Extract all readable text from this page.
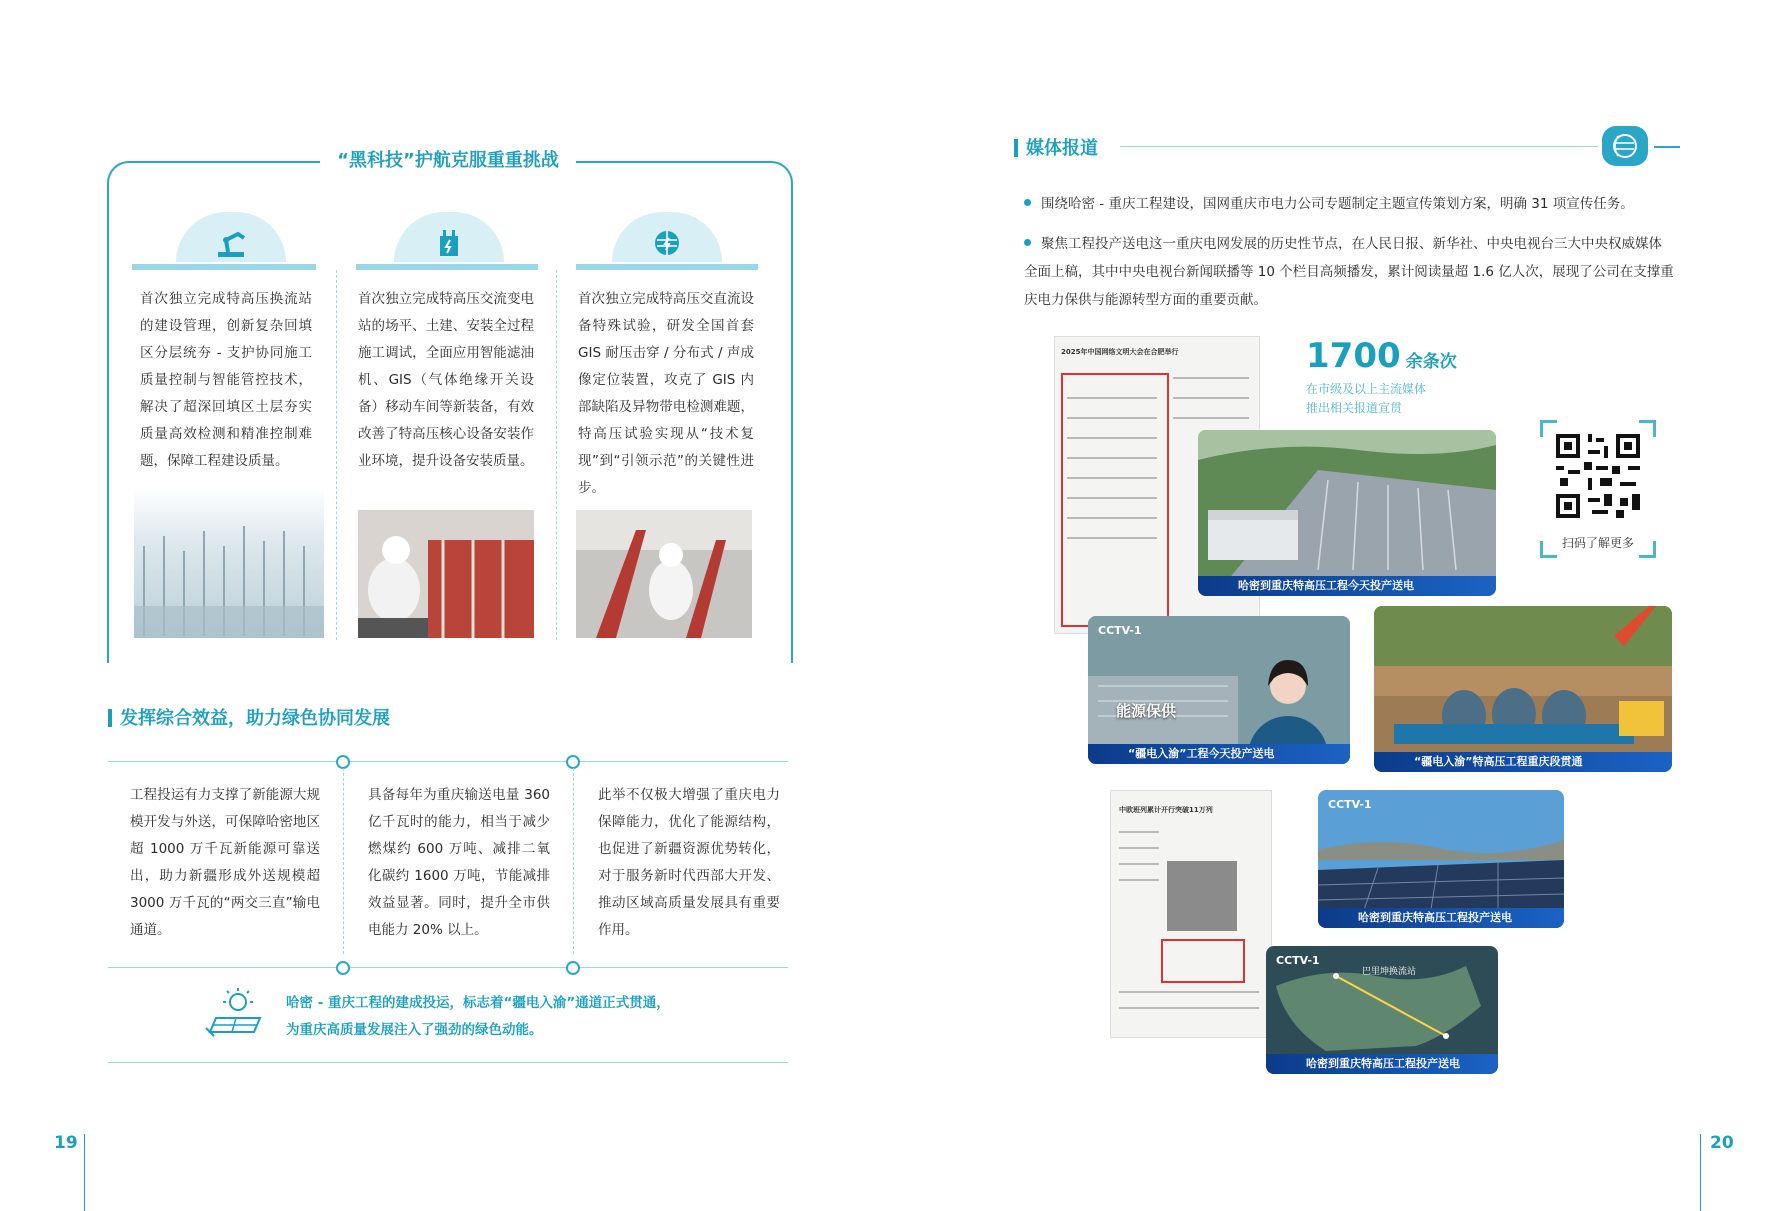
“黑科技”护航克服重重挑战
首次独立完成特高压换流站的建设管理，创新复杂回填区分层统夯 - 支护协同施工质量控制与智能管控技术，解决了超深回填区土层夯实质量高效检测和精准控制难题，保障工程建设质量。
首次独立完成特高压交流变电站的场平、土建、安装全过程施工调试，全面应用智能滤油机、GIS（气体绝缘开关设备）移动车间等新装备，有效改善了特高压核心设备安装作业环境，提升设备安装质量。
首次独立完成特高压交直流设备特殊试验，研发全国首套 GIS 耐压击穿 / 分布式 / 声成像定位装置，攻克了 GIS 内部缺陷及异物带电检测难题，特高压试验实现从“技术复现”到“引领示范”的关键性进步。
发挥综合效益，助力绿色协同发展
工程投运有力支撑了新能源大规模开发与外送，可保障哈密地区超 1000 万千瓦新能源可靠送出，助力新疆形成外送规模超 3000 万千瓦的“两交三直”输电通道。
具备每年为重庆输送电量 360 亿千瓦时的能力，相当于减少燃煤约 600 万吨、减排二氧化碳约 1600 万吨，节能减排效益显著。同时，提升全市供电能力 20% 以上。
此举不仅极大增强了重庆电力保障能力，优化了能源结构，也促进了新疆资源优势转化，对于服务新时代西部大开发、推动区域高质量发展具有重要作用。
哈密 - 重庆工程的建成投运，标志着“疆电入渝”通道正式贯通，
为重庆高质量发展注入了强劲的绿色动能。
19
媒体报道
围绕哈密 - 重庆工程建设，国网重庆市电力公司专题制定主题宣传策划方案，明确 31 项宣传任务。
聚焦工程投产送电这一重庆电网发展的历史性节点，在人民日报、新华社、中央电视台三大中央权威媒体全面上稿，其中中央电视台新闻联播等 10 个栏目高频播发，累计阅读量超 1.6 亿人次，展现了公司在支撑重庆电力保供与能源转型方面的重要贡献。
2025年中国网络文明大会在合肥举行	1700 余条次
在市级及以上主流媒体
推出相关报道宣贯
扫码了解更多
哈密到重庆特高压工程今天投产送电
CCTV-1
能源保供
“疆电入渝”工程今天投产送电
“疆电入渝”特高压工程重庆段贯通
中欧班列累计开行突破11万列	CCTV-1
哈密到重庆特高压工程投产送电
CCTV-1
巴里坤换流站
哈密到重庆特高压工程投产送电
20
